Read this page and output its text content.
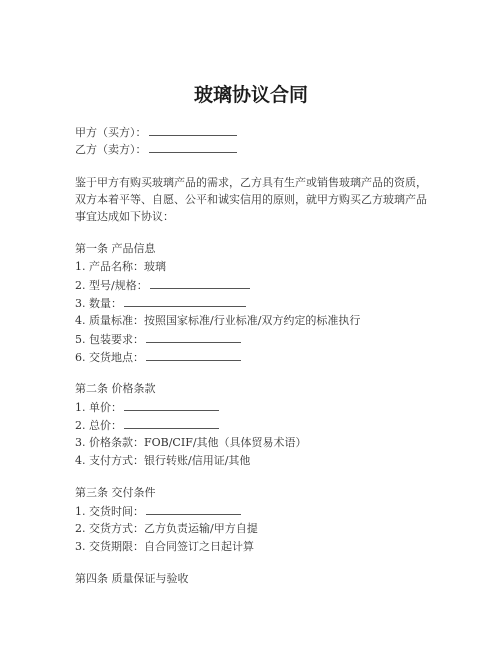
玻璃协议合同
甲方（买方）：
乙方（卖方）：
鉴于甲方有购买玻璃产品的需求，乙方具有生产或销售玻璃产品的资质，双方本着平等、自愿、公平和诚实信用的原则，就甲方购买乙方玻璃产品事宜达成如下协议：
第一条 产品信息
1. 产品名称：玻璃
2. 型号/规格：
3. 数量：
4. 质量标准：按照国家标准/行业标准/双方约定的标准执行
5. 包装要求：
6. 交货地点：
第二条 价格条款
1. 单价：
2. 总价：
3. 价格条款：FOB/CIF/其他（具体贸易术语）
4. 支付方式：银行转账/信用证/其他
第三条 交付条件
1. 交货时间：
2. 交货方式：乙方负责运输/甲方自提
3. 交货期限：自合同签订之日起计算
第四条 质量保证与验收
